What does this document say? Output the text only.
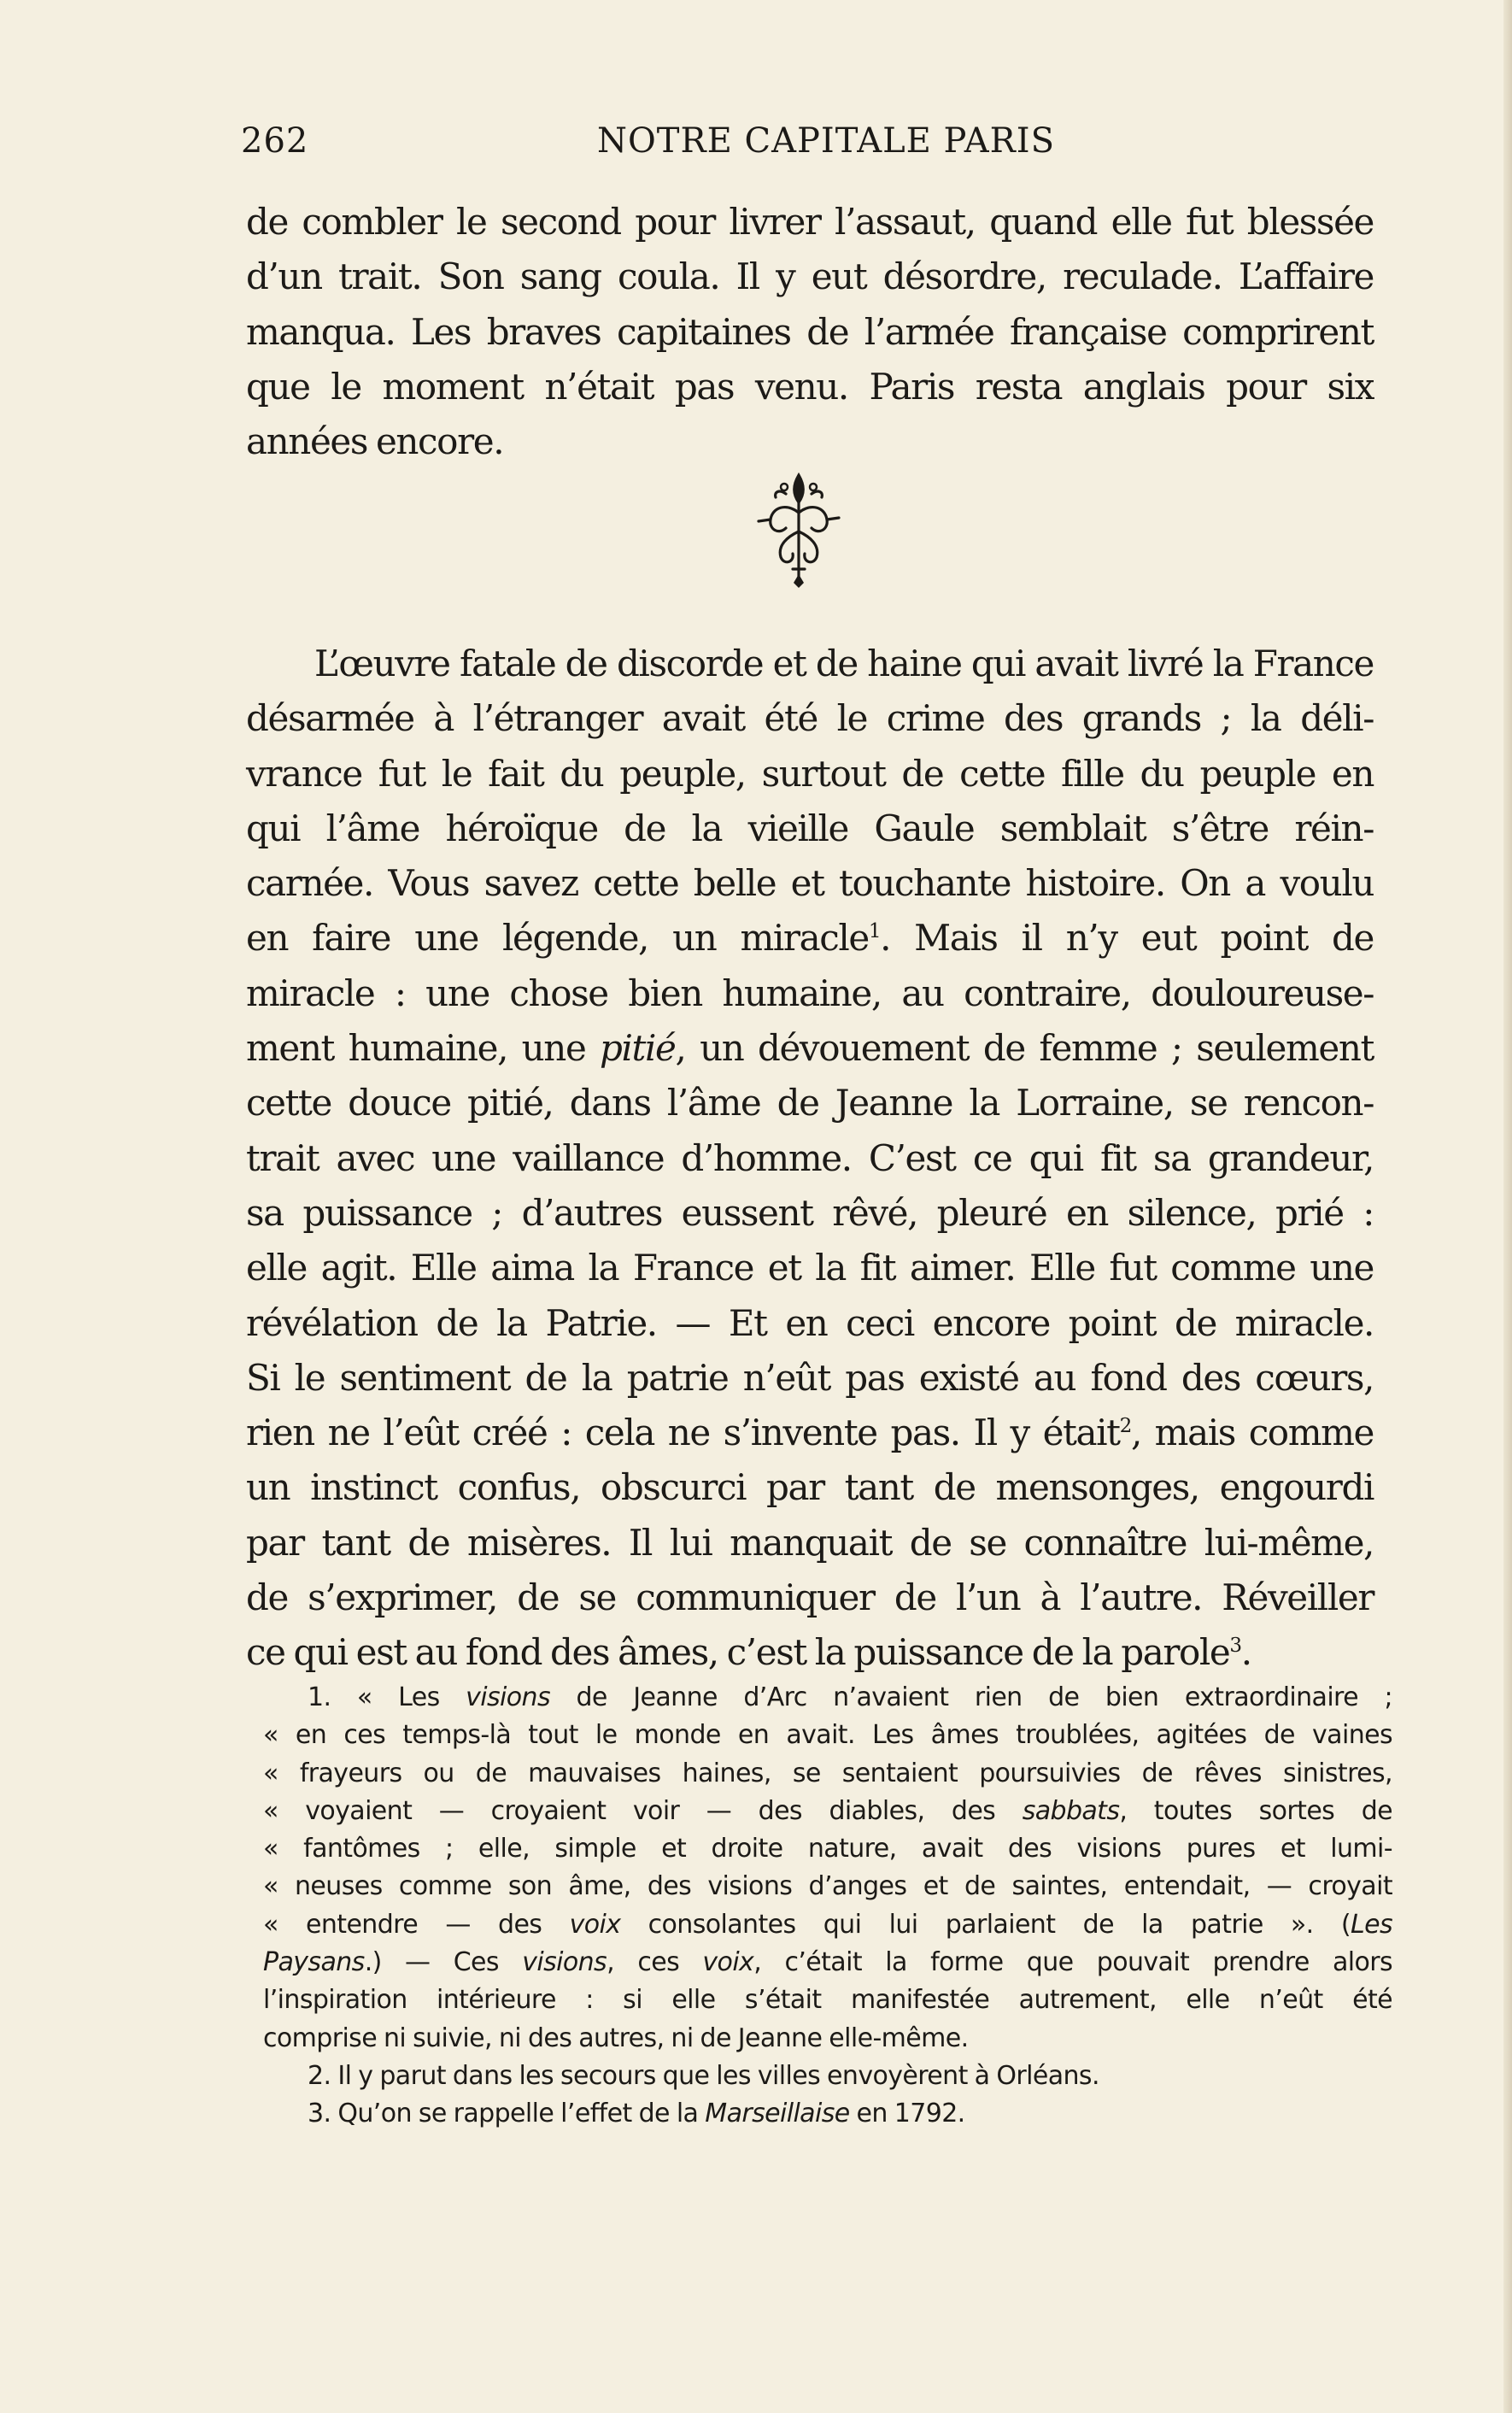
262	NOTRE CAPITALE PARIS
de combler le second pour livrer l’assaut, quand elle fut blessée
d’un trait. Son sang coula. Il y eut désordre, reculade. L’affaire
manqua. Les braves capitaines de l’armée française comprirent
que le moment n’était pas venu. Paris resta anglais pour six
années encore.
L’œuvre fatale de discorde et de haine qui avait livré la France
désarmée à l’étranger avait été le crime des grands ; la déli-
vrance fut le fait du peuple, surtout de cette fille du peuple en
qui l’âme héroïque de la vieille Gaule semblait s’être réin-
carnée. Vous savez cette belle et touchante histoire. On a voulu
en faire une légende, un miracle$^1$. Mais il n’y eut point de
miracle : une chose bien humaine, au contraire, douloureuse-
ment humaine, une pitié, un dévouement de femme ; seulement
cette douce pitié, dans l’âme de Jeanne la Lorraine, se rencon-
trait avec une vaillance d’homme. C’est ce qui fit sa grandeur,
sa puissance ; d’autres eussent rêvé, pleuré en silence, prié :
elle agit. Elle aima la France et la fit aimer. Elle fut comme une
révélation de la Patrie. — Et en ceci encore point de miracle.
Si le sentiment de la patrie n’eût pas existé au fond des cœurs,
rien ne l’eût créé : cela ne s’invente pas. Il y était$^2$, mais comme
un instinct confus, obscurci par tant de mensonges, engourdi
par tant de misères. Il lui manquait de se connaître lui-même,
de s’exprimer, de se communiquer de l’un à l’autre. Réveiller
ce qui est au fond des âmes, c’est la puissance de la parole$^3$.
1. « Les visions de Jeanne d’Arc n’avaient rien de bien extraordinaire ;
« en ces temps-là tout le monde en avait. Les âmes troublées, agitées de vaines
« frayeurs ou de mauvaises haines, se sentaient poursuivies de rêves sinistres,
« voyaient — croyaient voir — des diables, des sabbats, toutes sortes de
« fantômes ; elle, simple et droite nature, avait des visions pures et lumi-
« neuses comme son âme, des visions d’anges et de saintes, entendait, — croyait
« entendre — des voix consolantes qui lui parlaient de la patrie ». (Les
Paysans.) — Ces visions, ces voix, c’était la forme que pouvait prendre alors
l’inspiration intérieure : si elle s’était manifestée autrement, elle n’eût été
comprise ni suivie, ni des autres, ni de Jeanne elle-même.
2. Il y parut dans les secours que les villes envoyèrent à Orléans.
3. Qu’on se rappelle l’effet de la Marseillaise en 1792.
